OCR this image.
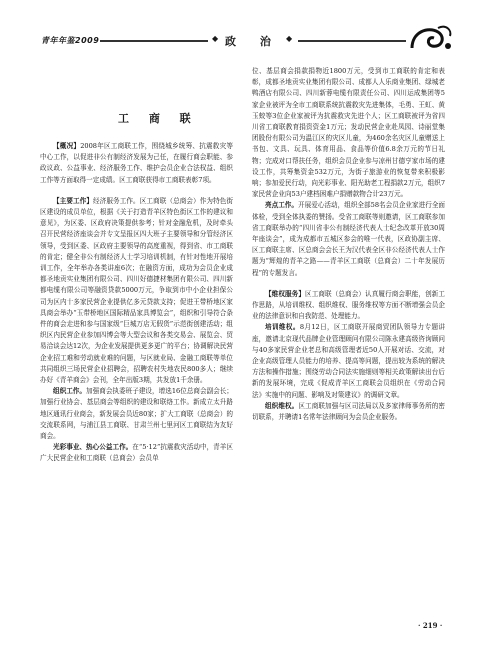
青年年鉴2009	◆ 政 治 ◆
工 商 联

【概况】2008年区工商联工作，围绕城乡统筹、抗震救灾等中心工作，以促进非公有制经济发展为己任，在履行商会职能、参政议政、公益事业、经济服务工作、维护会员企业合法权益、组织工作等方面取得一定成绩。区工商联获得市工商联表彰7项。

【主要工作】经济服务工作。区工商联（总商会）作为特色街区建设的成员单位，根据《关于打造青羊区特色街区工作的建议和意见》，为区委、区政府决策提供参考；针对金融危机，及时牵头召开民营经济座谈会并专文呈报区四大班子主要领导和分管经济区领导，受到区委、区政府主要领导的高度重视，得到省、市工商联的肯定；健全非公有制经济人士学习培训机制，有针对性地开展培训工作，全年举办各类讲座6次；在融资方面，成功为会员企业成都圣地贡实业集团有限公司、四川好德捷材集团有限公司、四川新都电缆有限公司等融资贷款5000万元，争取到市中小企业担保公司为区内十多家民营企业提供亿多元贷款支持；促进王带桥地区家具商会举办“玉带桥地区国际精品家具博览会”，组织和引导符合条件的商会走进和参与国家级“巨城万店无假货”示范街创建活动；组织区内民营企业参加四博会等大型会议和各类交易会、展览会、贸易洽谈会达12次，为企业发展提供更多更广的平台；协调解决民营企业招工难和劳动就业难的问题，与区就业局、金融工商联等单位共同组织三场民营企业招聘会，招聘农村失地农民800多人；继续办好《青羊商会》会刊，全年出版3期，共发放1千余册。

组织工作。加强商会执委班子建设，增选16位总商会副会长；加强行业协会、基层商会等组织的建设和联络工作。新成立太升路地区通讯行业商会，新发展会员近80家；扩大工商联（总商会）的交流联系网，与浦江县工商联、甘肃兰州七里河区工商联结为友好商会。

光彩事业、热心公益工作。在“5·12”抗震救灾活动中，青羊区广大民营企业和工商联（总商会）会员单

位、基层商会捐款捐物近1800万元，受到市工商联的肯定和表彰，成都圣地贡实业集团有限公司、成都人人乐商业集团、绿城老鸭酒店有限公司、四川新蓉电缆有限责任公司、四川运成集团等5家企业被评为全市工商联系统抗震救灾先进集体，毛勇、王虹、黄玉蛟等3位企业家被评为抗震救灾先进个人；区工商联被评为省四川省工商联教育捐资资金1万元；发动民营企业赴凤园、诗丽堂集团股份有限公司为温江区的灾区儿童，为460余名灾区儿童赠送上书包、文具、玩具、体育用品、食品等价值6.8余万元的节日礼物；完成对口帮扶任务，组织会员企业参与凉州甘德亨家市场的建设工作，共筹集资金532万元，为街子旅游业的恢复带来积极影响；参加爱民行动，向光彩事业、阳光助老工程捐款2万元，组织7家民营企业向53户建档困难户捐赠款物合计23万元。

亮点工作。开展爱心活动，组织全部58名会员企业家进行全面体检，受到全体执委的赞扬。受省工商联等则邀请，区工商联参加省工商联举办的“四川省非公有制经济代表人士纪念改革开放30周年座谈会”，成为成都市五城区参会的唯一代表，区政协副主席、区工商联主席、区总商会会长王为汉代表全区非公经济代表人士作题为“辉煌的青羊之路——青羊区工商联（总商会）二十年发展历程”的专题发言。

【维权服务】区工商联（总商会）认真履行商会职能，创新工作思路，从培训维权、组织维权、服务维权等方面不断增强会员企业的法律意识和自我防范、处理能力。

培训维权。8月12日，区工商联开展商贸团队领导力专题讲座，邀请北京现代品牌企业管理顾问有限公司陈永建高级咨询顾问与40多家民营企业老总和高级管理者近50人开展对话、交流，对企业高级管理人员能力的培养、提高等问题，提出较为系统的解决方法和操作措施；围绕劳动合同法实施细则等相关政策解读出台后新的发展环境，完成《促成青羊区工商联会员组织在《劳动合同法》实施中的问题、影响及对策建议》的调研文章。

组织维权。区工商联加强与区司法局以及多家律师事务所的密切联系，并聘请1名常年法律顾问为会员企业服务。

· 219 ·
